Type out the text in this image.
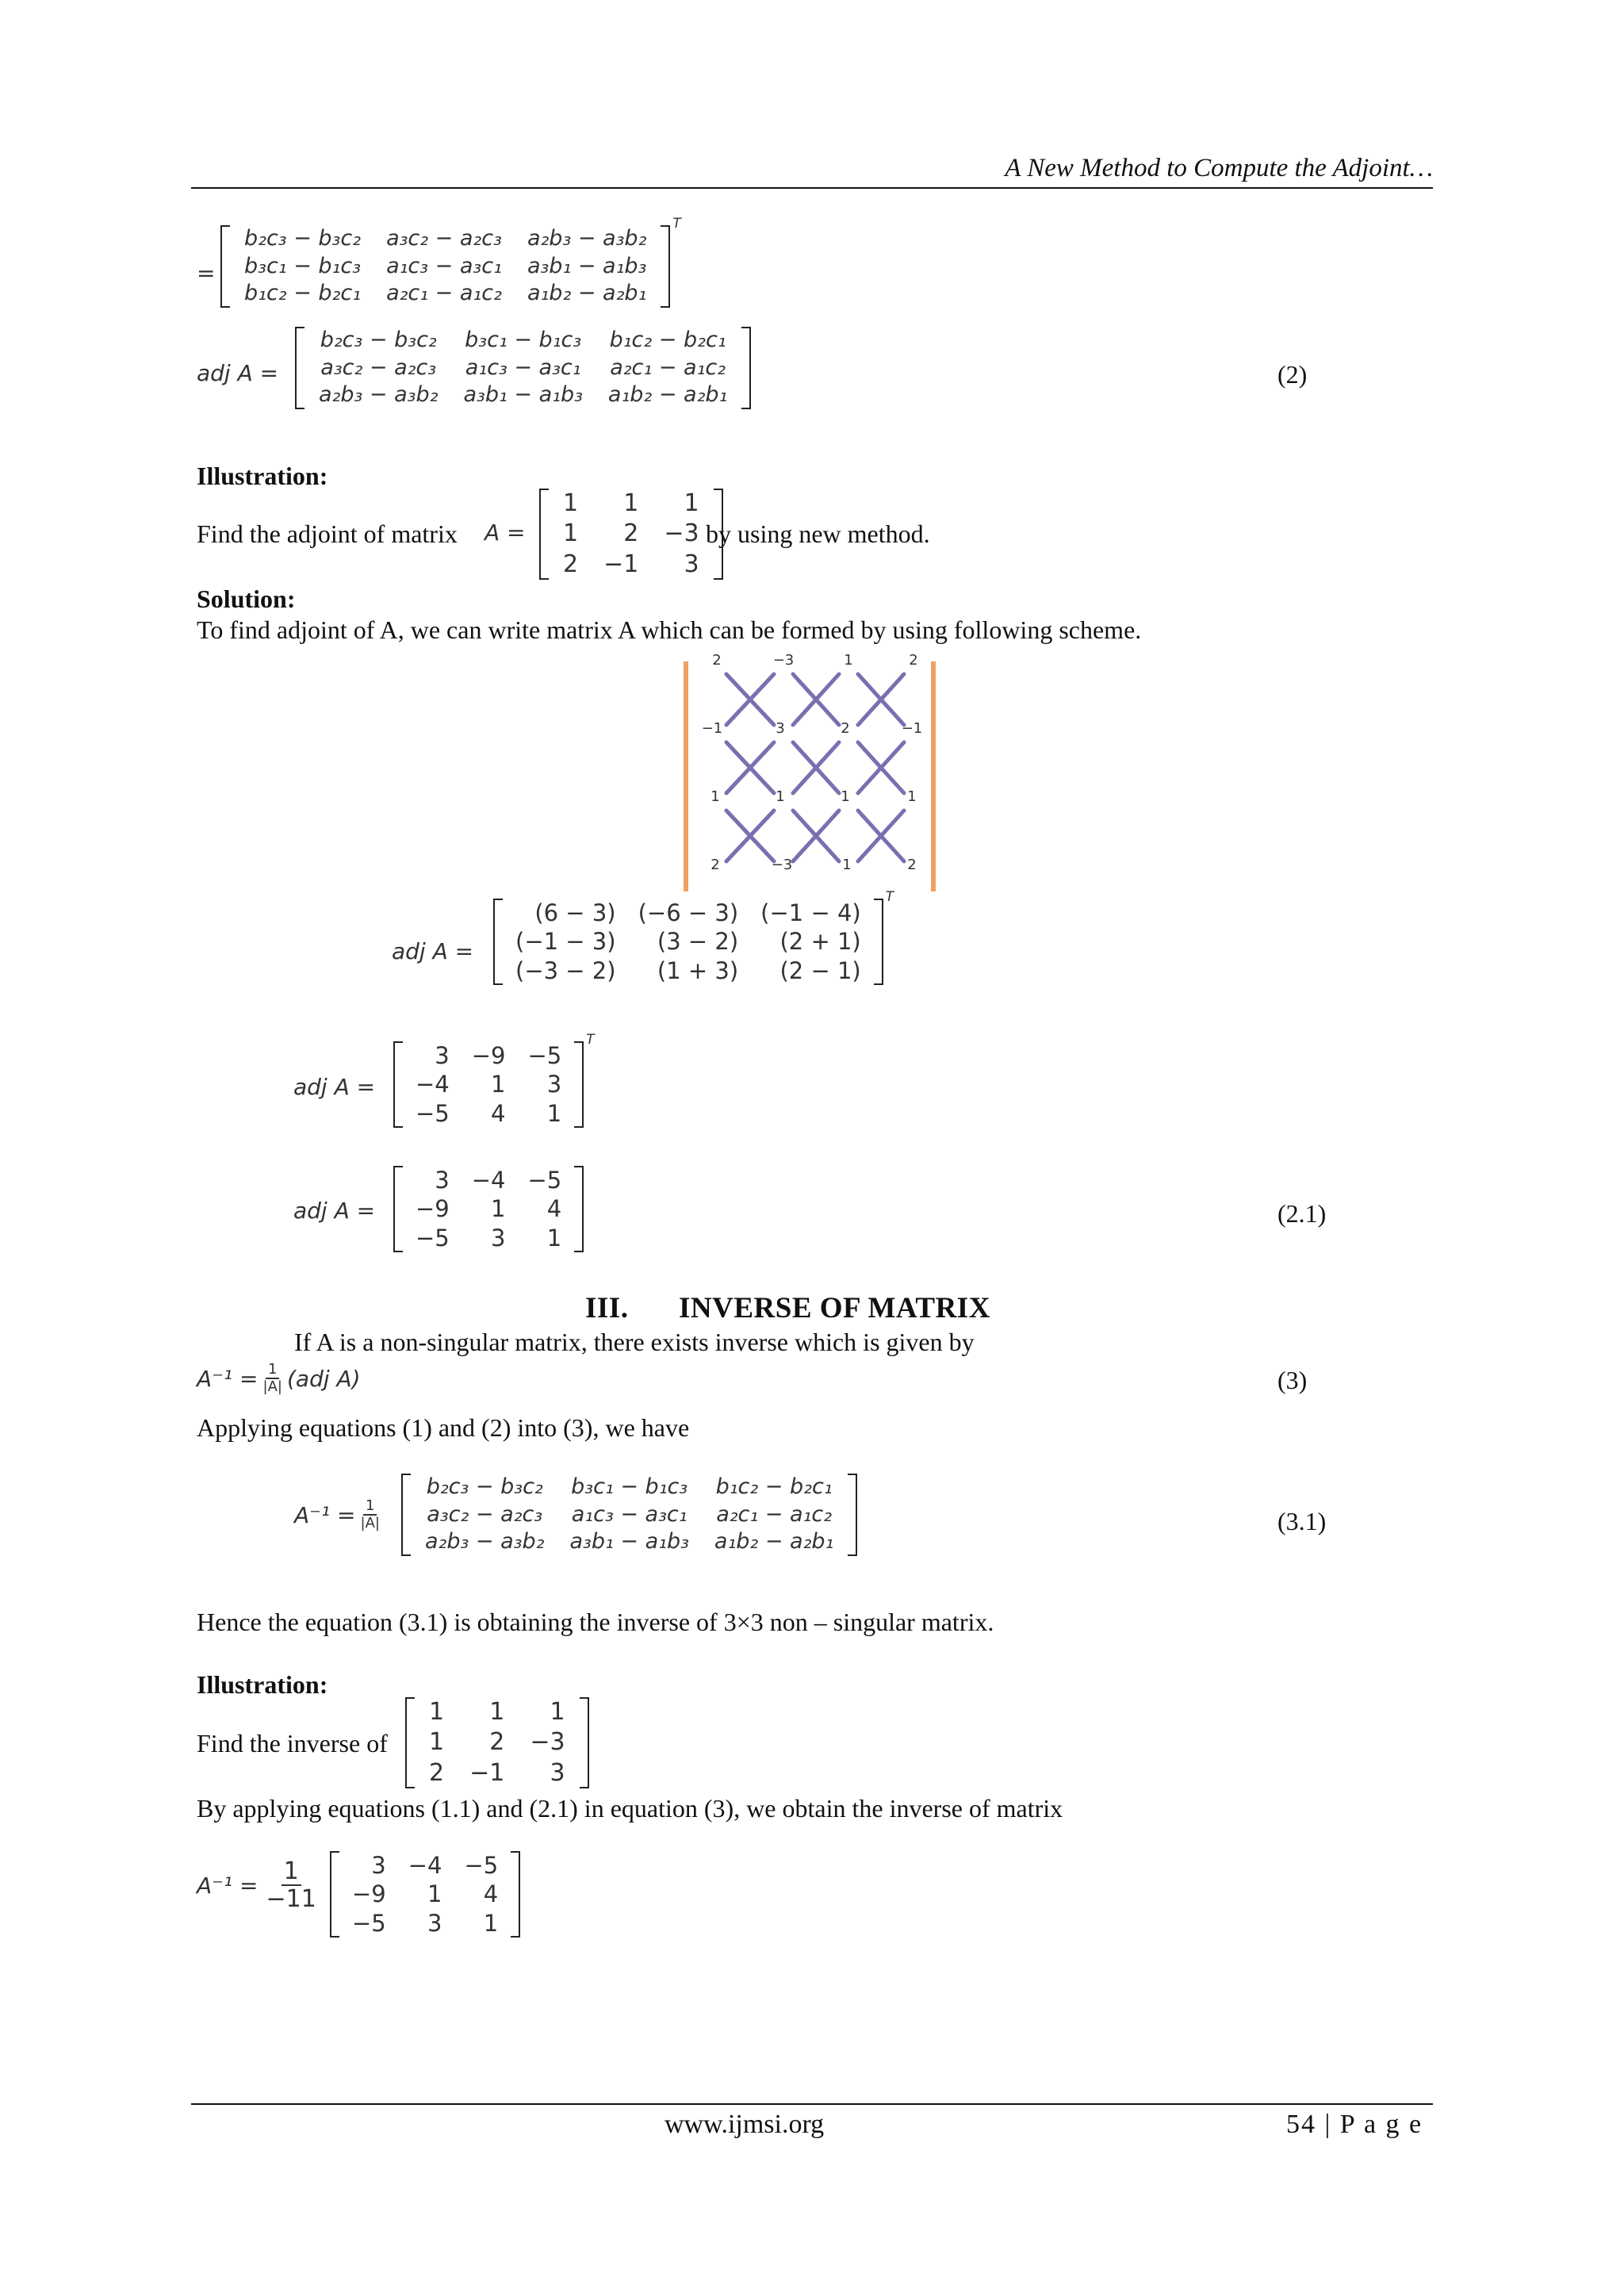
A New Method to Compute the Adjoint…
=
b₂c₃ − b₃c₂	a₃c₂ − a₂c₃	a₂b₃ − a₃b₂
b₃c₁ − b₁c₃	a₁c₃ − a₃c₁	a₃b₁ − a₁b₃
b₁c₂ − b₂c₁	a₂c₁ − a₁c₂	a₁b₂ − a₂b₁
T
adj A =
b₂c₃ − b₃c₂	b₃c₁ − b₁c₃	b₁c₂ − b₂c₁
a₃c₂ − a₂c₃	a₁c₃ − a₃c₁	a₂c₁ − a₁c₂
a₂b₃ − a₃b₂	a₃b₁ − a₁b₃	a₁b₂ − a₂b₁
(2)
Illustration:
Find the adjoint of matrix A =
1	1	1
1	2	−3
2	−1	3
by using new method.
Solution:
To find adjoint of A, we can write matrix A which can be formed by using following scheme.
2	−3	1	2
−1	3	2	−1
1	1	1	1
2	−3	1	2
adj A =
(6 − 3)	(−6 − 3)	(−1 − 4)
(−1 − 3)	(3 − 2)	(2 + 1)
(−3 − 2)	(1 + 3)	(2 − 1)
T
adj A =
3	−9	−5
−4	1	3
−5	4	1
T
adj A =
3	−4	−5
−9	1	4
−5	3	1
(2.1)
III. INVERSE OF MATRIX
If A is a non-singular matrix, there exists inverse which is given by
$A^{-1} = \frac{1}{|A|} (adj$ A)	(3)
Applying equations (1) and (2) into (3), we have
$A^{-1} = \frac{1}{|A|}$
b₂c₃ − b₃c₂	b₃c₁ − b₁c₃	b₁c₂ − b₂c₁
a₃c₂ − a₂c₃	a₁c₃ − a₃c₁	a₂c₁ − a₁c₂
a₂b₃ − a₃b₂	a₃b₁ − a₁b₃	a₁b₂ − a₂b₁
(3.1)
Hence the equation (3.1) is obtaining the inverse of 3×3 non – singular matrix.
Illustration:
Find the inverse of
1	1	1
1	2	−3
2	−1	3
By applying equations (1.1) and (2.1) in equation (3), we obtain the inverse of matrix
$A^{-1} = \frac{1}{-11} 3$	−4	−5
−9	1	4
−5	3	1
www.ijmsi.org	54 | P a g e
